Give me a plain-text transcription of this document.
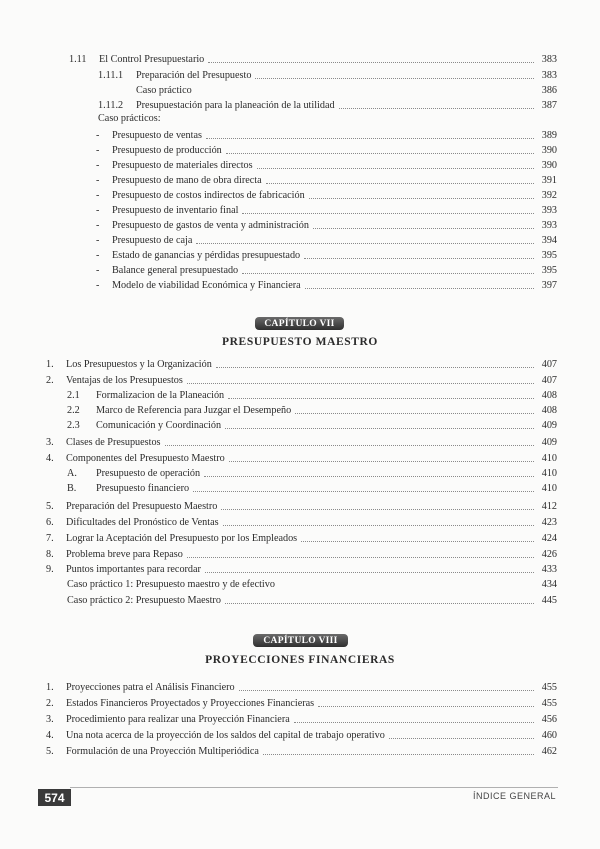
1.11	El Control Presupuestario	383
1.11.1	Preparación del Presupuesto	383
Caso práctico	386
1.11.2	Presupuestación para la planeación de la utilidad	387
Caso prácticos:
-	Presupuesto de ventas	389
-	Presupuesto de producción	390
-	Presupuesto de materiales directos	390
-	Presupuesto de mano de obra directa	391
-	Presupuesto de costos indirectos de fabricación	392
-	Presupuesto de inventario final	393
-	Presupuesto de gastos de venta y administración	393
-	Presupuesto de caja	394
-	Estado de ganancias y pérdidas presupuestado	395
-	Balance general presupuestado	395
-	Modelo de viabilidad Económica y Financiera	397
CAPÍTULO VII
PRESUPUESTO MAESTRO
1.	Los Presupuestos y la Organización	407
2.	Ventajas de los Presupuestos	407
2.1	Formalizacion de la Planeación	408
2.2	Marco de Referencia para Juzgar el Desempeño	408
2.3	Comunicación y Coordinación	409
3.	Clases de Presupuestos	409
4.	Componentes del Presupuesto Maestro	410
A.	Presupuesto de operación	410
B.	Presupuesto financiero	410
5.	Preparación del Presupuesto Maestro	412
6.	Dificultades del Pronóstico de Ventas	423
7.	Lograr la Aceptación del Presupuesto por los Empleados	424
8.	Problema breve para Repaso	426
9.	Puntos importantes para recordar	433
Caso práctico 1: Presupuesto maestro y de efectivo	434
Caso práctico 2: Presupuesto Maestro	445
CAPÍTULO VIII
PROYECCIONES FINANCIERAS
1.	Proyecciones patra el Análisis Financiero	455
2.	Estados Financieros Proyectados y Proyecciones Financieras	455
3.	Procedimiento para realizar una Proyección Financiera	456
4.	Una nota acerca de la proyección de los saldos del capital de trabajo operativo	460
5.	Formulación de una Proyección Multiperiódica	462
574	ÍNDICE GENERAL
